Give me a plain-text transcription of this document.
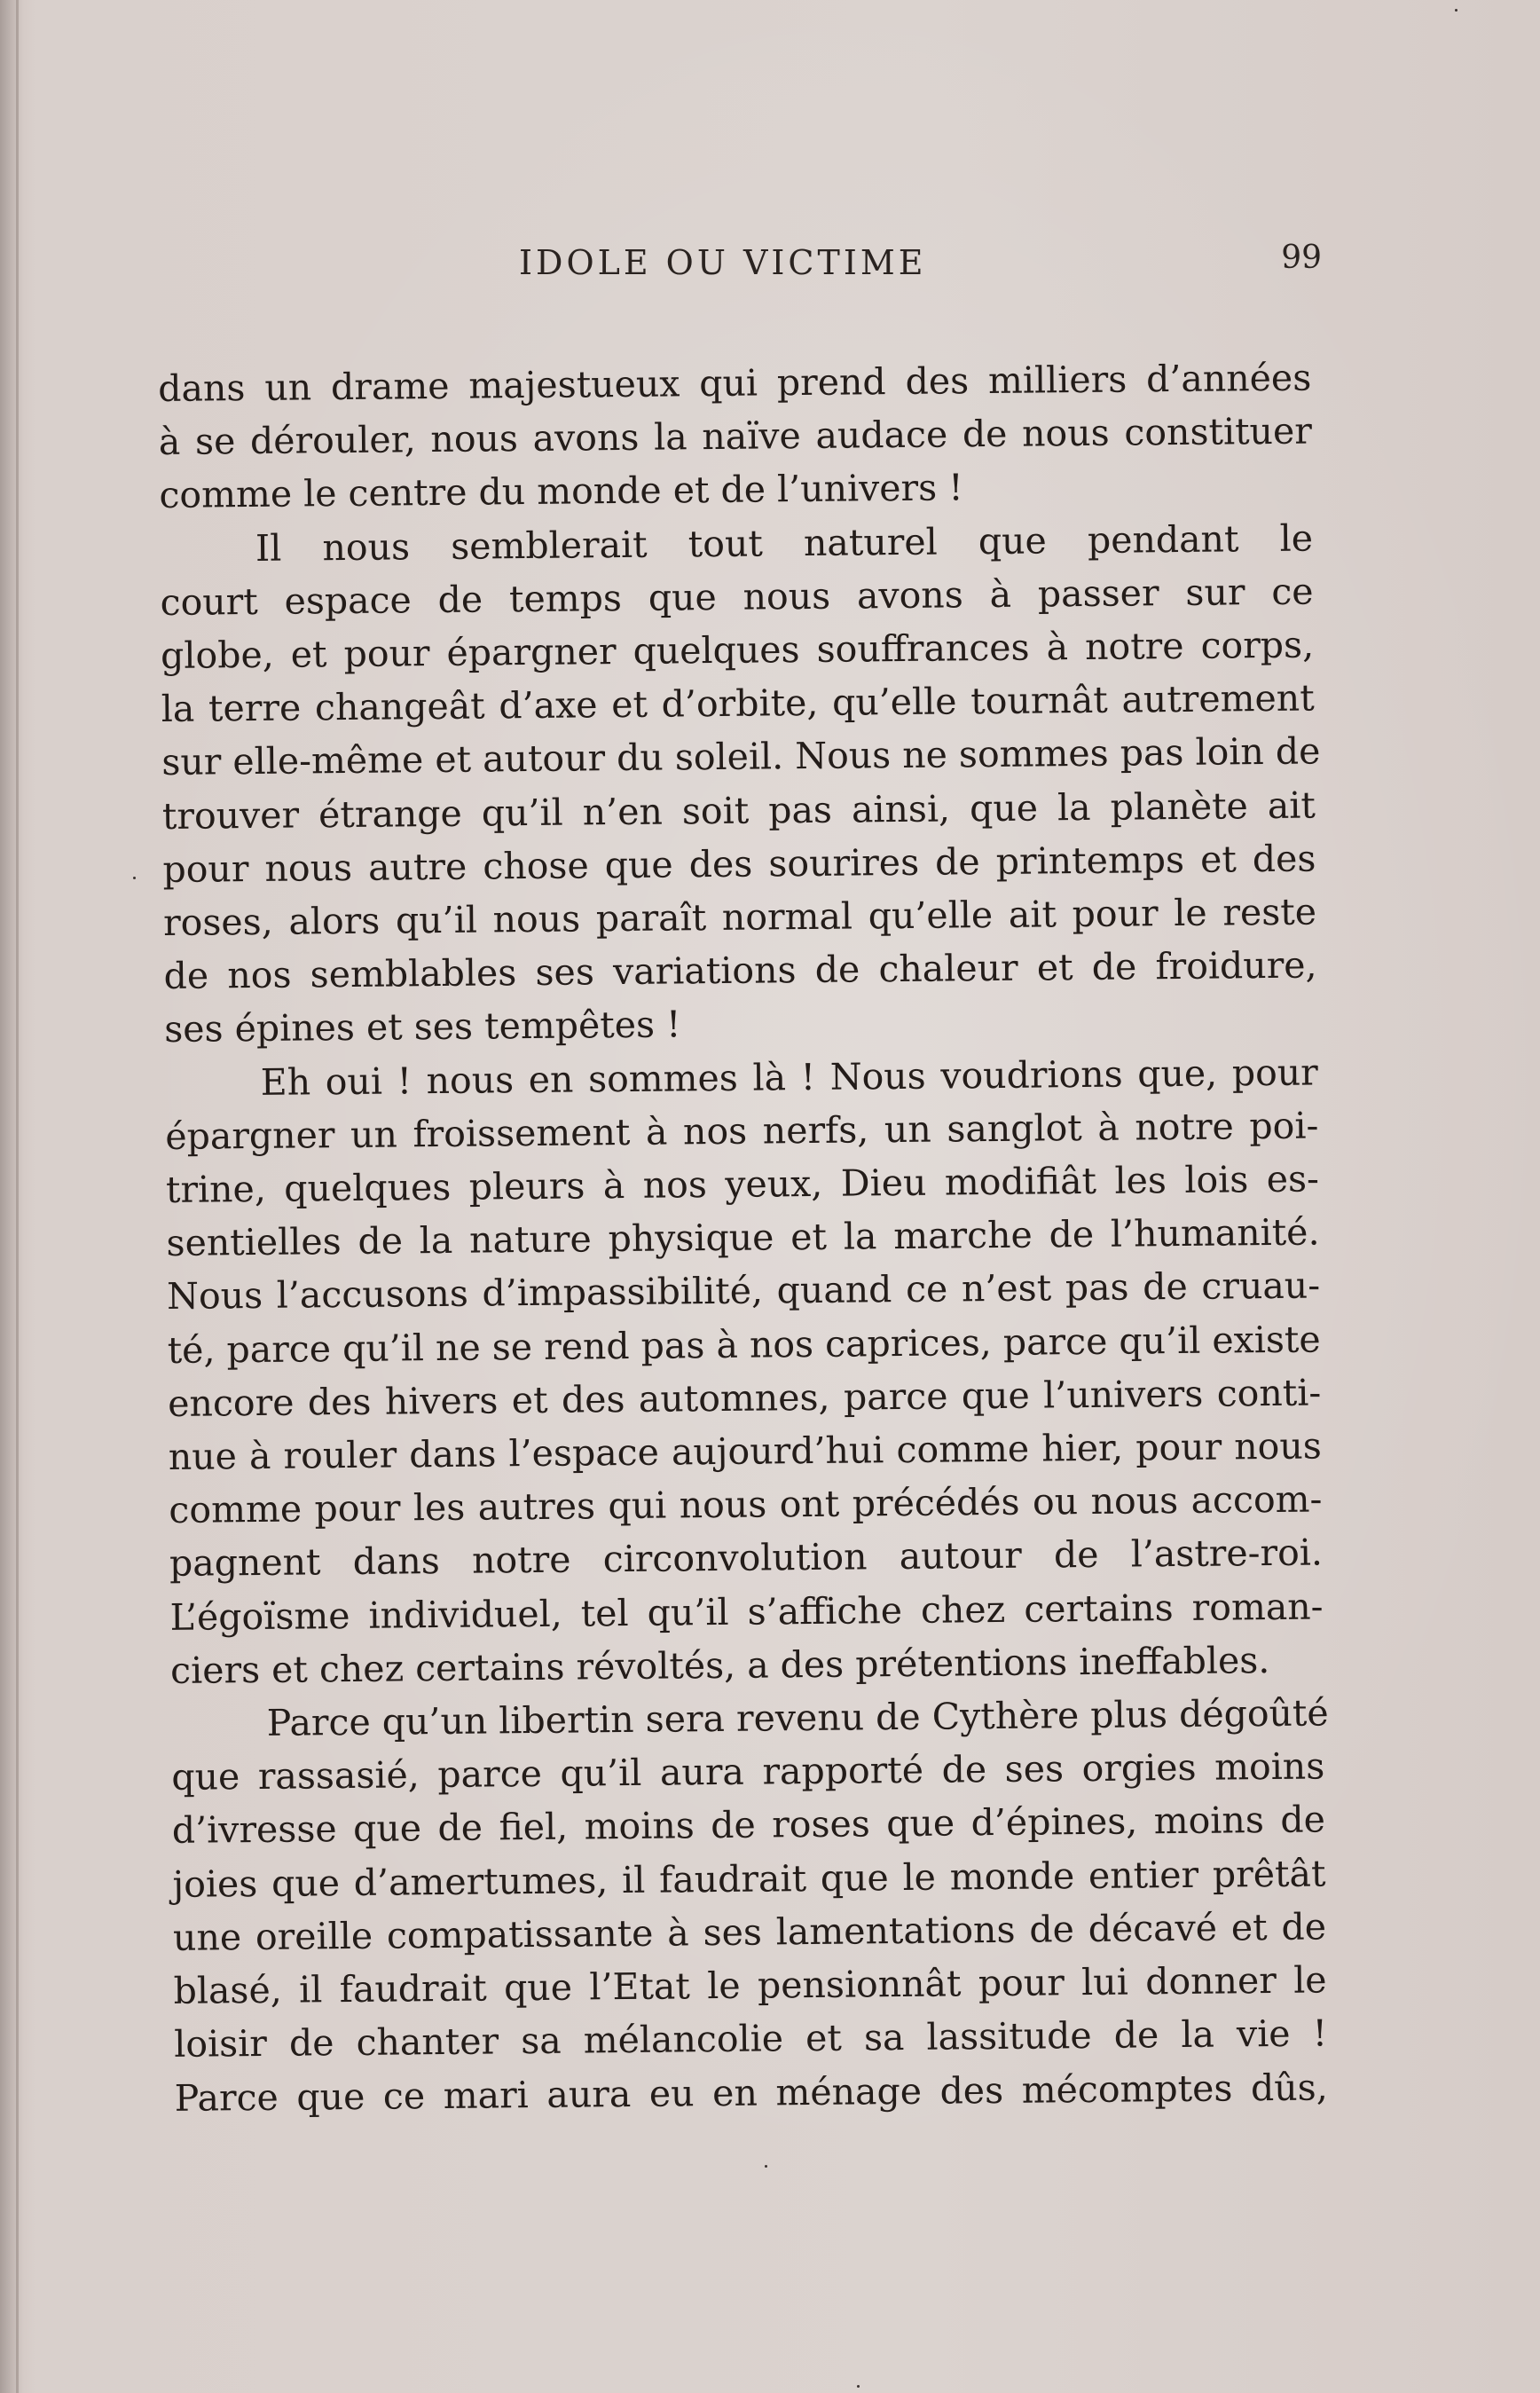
IDOLE OU VICTIME	99
dans un drame majestueux qui prend des milliers d’années
à se dérouler, nous avons la naïve audace de nous constituer
comme le centre du monde et de l’univers !
Il nous semblerait tout naturel que pendant le
court espace de temps que nous avons à passer sur ce
globe, et pour épargner quelques souffrances à notre corps,
la terre changeât d’axe et d’orbite, qu’elle tournât autrement
sur elle-même et autour du soleil. Nous ne sommes pas loin de
trouver étrange qu’il n’en soit pas ainsi, que la planète ait
pour nous autre chose que des sourires de printemps et des
roses, alors qu’il nous paraît normal qu’elle ait pour le reste
de nos semblables ses variations de chaleur et de froidure,
ses épines et ses tempêtes !
Eh oui ! nous en sommes là ! Nous voudrions que, pour
épargner un froissement à nos nerfs, un sanglot à notre poi-
trine, quelques pleurs à nos yeux, Dieu modifiât les lois es-
sentielles de la nature physique et la marche de l’humanité.
Nous l’accusons d’impassibilité, quand ce n’est pas de cruau-
té, parce qu’il ne se rend pas à nos caprices, parce qu’il existe
encore des hivers et des automnes, parce que l’univers conti-
nue à rouler dans l’espace aujourd’hui comme hier, pour nous
comme pour les autres qui nous ont précédés ou nous accom-
pagnent dans notre circonvolution autour de l’astre-roi.
L’égoïsme individuel, tel qu’il s’affiche chez certains roman-
ciers et chez certains révoltés, a des prétentions ineffables.
Parce qu’un libertin sera revenu de Cythère plus dégoûté
que rassasié, parce qu’il aura rapporté de ses orgies moins
d’ivresse que de fiel, moins de roses que d’épines, moins de
joies que d’amertumes, il faudrait que le monde entier prêtât
une oreille compatissante à ses lamentations de décavé et de
blasé, il faudrait que l’Etat le pensionnât pour lui donner le
loisir de chanter sa mélancolie et sa lassitude de la vie !
Parce que ce mari aura eu en ménage des mécomptes dûs,
